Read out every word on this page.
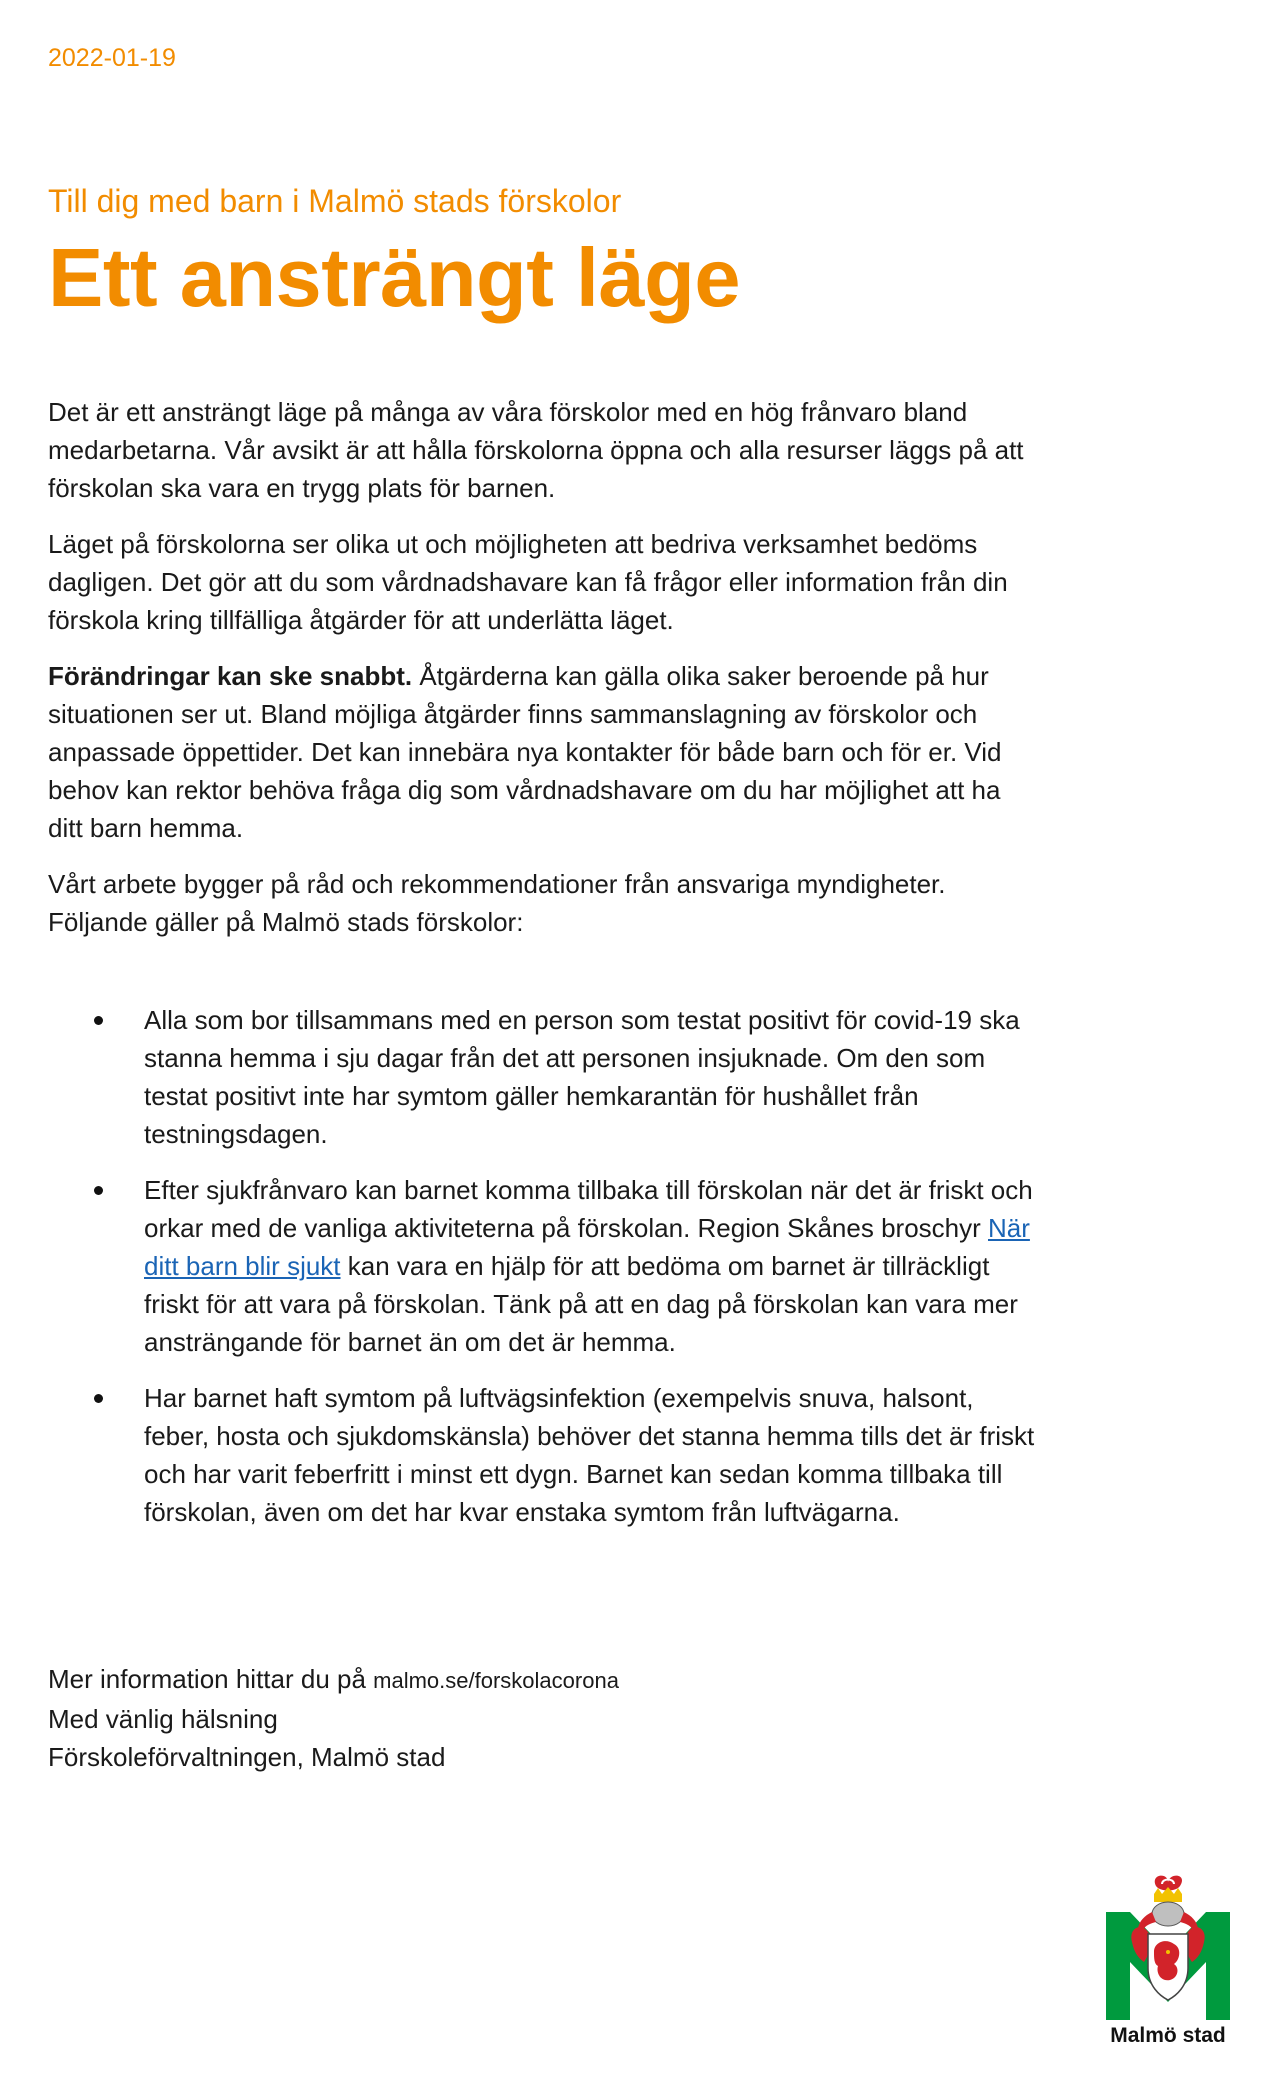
2022-01-19
Till dig med barn i Malmö stads förskolor
Ett ansträngt läge

Det är ett ansträngt läge på många av våra förskolor med en hög frånvaro bland medarbetarna. Vår avsikt är att hålla förskolorna öppna och alla resurser läggs på att förskolan ska vara en trygg plats för barnen.

Läget på förskolorna ser olika ut och möjligheten att bedriva verksamhet bedöms dagligen. Det gör att du som vårdnadshavare kan få frågor eller information från din förskola kring tillfälliga åtgärder för att underlätta läget.

Förändringar kan ske snabbt. Åtgärderna kan gälla olika saker beroende på hur situationen ser ut. Bland möjliga åtgärder finns sammanslagning av förskolor och anpassade öppettider. Det kan innebära nya kontakter för både barn och för er. Vid behov kan rektor behöva fråga dig som vårdnadshavare om du har möjlighet att ha ditt barn hemma.

Vårt arbete bygger på råd och rekommendationer från ansvariga myndigheter. Följande gäller på Malmö stads förskolor:

Alla som bor tillsammans med en person som testat positivt för covid-19 ska stanna hemma i sju dagar från det att personen insjuknade. Om den som testat positivt inte har symtom gäller hemkarantän för hushållet från testningsdagen.
Efter sjukfrånvaro kan barnet komma tillbaka till förskolan när det är friskt och orkar med de vanliga aktiviteterna på förskolan. Region Skånes broschyr När ditt barn blir sjukt kan vara en hjälp för att bedöma om barnet är tillräckligt friskt för att vara på förskolan. Tänk på att en dag på förskolan kan vara mer ansträngande för barnet än om det är hemma.
Har barnet haft symtom på luftvägsinfektion (exempelvis snuva, halsont, feber, hosta och sjukdomskänsla) behöver det stanna hemma tills det är friskt och har varit feberfritt i minst ett dygn. Barnet kan sedan komma tillbaka till förskolan, även om det har kvar enstaka symtom från luftvägarna.
Mer information hittar du på malmo.se/forskolacorona
Med vänlig hälsning
Förskoleförvaltningen, Malmö stad
Malmö stad
